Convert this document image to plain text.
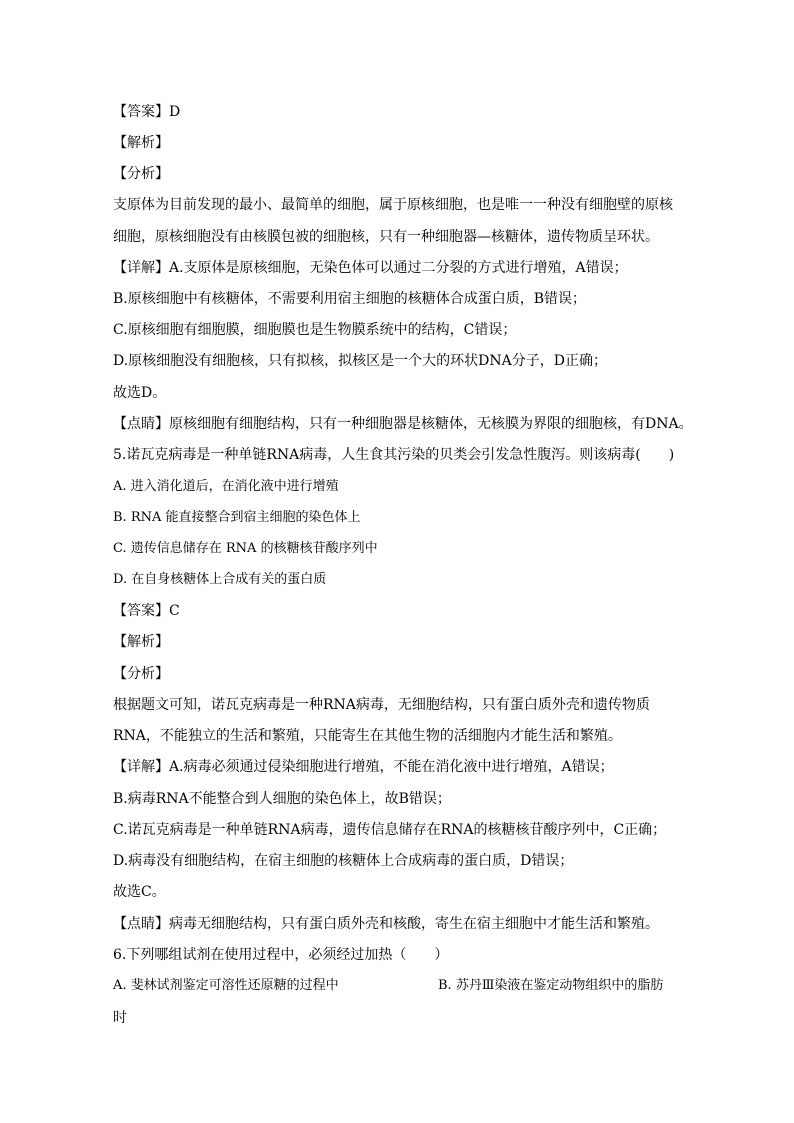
【答案】D
【解析】
【分析】
支原体为目前发现的最小、最简单的细胞，属于原核细胞，也是唯一一种没有细胞壁的原核
细胞，原核细胞没有由核膜包被的细胞核，只有一种细胞器—核糖体，遗传物质呈环状。
【详解】A.支原体是原核细胞，无染色体可以通过二分裂的方式进行增殖，A错误；
B.原核细胞中有核糖体，不需要利用宿主细胞的核糖体合成蛋白质，B错误；
C.原核细胞有细胞膜，细胞膜也是生物膜系统中的结构，C错误；
D.原核细胞没有细胞核，只有拟核，拟核区是一个大的环状DNA分子，D正确；
故选D。
【点睛】原核细胞有细胞结构，只有一种细胞器是核糖体，无核膜为界限的细胞核，有DNA。
5.诺瓦克病毒是一种单链RNA病毒，人生食其污染的贝类会引发急性腹泻。则该病毒(　　)
A. 进入消化道后，在消化液中进行增殖
B. RNA 能直接整合到宿主细胞的染色体上
C. 遗传信息储存在 RNA 的核糖核苷酸序列中
D. 在自身核糖体上合成有关的蛋白质
【答案】C
【解析】
【分析】
根据题文可知，诺瓦克病毒是一种RNA病毒，无细胞结构，只有蛋白质外壳和遗传物质
RNA，不能独立的生活和繁殖，只能寄生在其他生物的活细胞内才能生活和繁殖。
【详解】A.病毒必须通过侵染细胞进行增殖，不能在消化液中进行增殖，A错误；
B.病毒RNA不能整合到人细胞的染色体上，故B错误；
C.诺瓦克病毒是一种单链RNA病毒，遗传信息储存在RNA的核糖核苷酸序列中，C正确；
D.病毒没有细胞结构，在宿主细胞的核糖体上合成病毒的蛋白质，D错误；
故选C。
【点睛】病毒无细胞结构，只有蛋白质外壳和核酸，寄生在宿主细胞中才能生活和繁殖。
6.下列哪组试剂在使用过程中，必须经过加热（　　）
A. 斐林试剂鉴定可溶性还原糖的过程中	B. 苏丹Ⅲ染液在鉴定动物组织中的脂肪
时
